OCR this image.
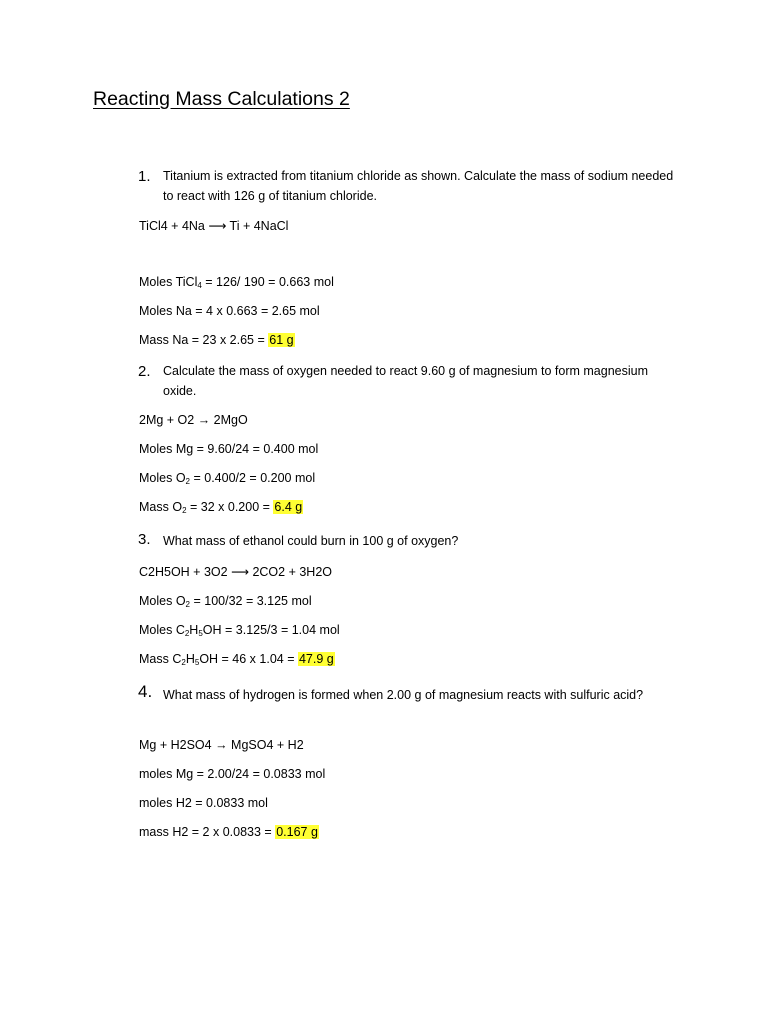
Reacting Mass Calculations 2
1. Titanium is extracted from titanium chloride as shown. Calculate the mass of sodium needed to react with 126 g of titanium chloride.
TiCl4 + 4Na ⟶ Ti + 4NaCl
Moles TiCl$_4$ = 126/ 190 = 0.663 mol
Moles Na = 4 x 0.663 = 2.65 mol
Mass Na = 23 x 2.65 = 61 g
2. Calculate the mass of oxygen needed to react 9.60 g of magnesium to form magnesium oxide.
2Mg + O2 → 2MgO
Moles Mg = 9.60/24 = 0.400 mol
Moles $O_2 = 0.400/2 = 0.200$ mol
Mass $O_2 = 32$ x 0.200 = 6.4 g
3. What mass of ethanol could burn in 100 g of oxygen?
C2H5OH + 3O2 ⟶ 2CO2 + 3H2O
Moles $O_2 = 100/32 = 3.125$ mol
Moles $C_2H_5OH = 3.125/3 = 1.04$ mol
Mass $C_2H_5OH = 46$ x 1.04 = 47.9 g
4. What mass of hydrogen is formed when 2.00 g of magnesium reacts with sulfuric acid?
Mg + H2SO4 → MgSO4 + H2
moles Mg = 2.00/24 = 0.0833 mol
moles H2 = 0.0833 mol
mass H2 = 2 x 0.0833 = 0.167 g
